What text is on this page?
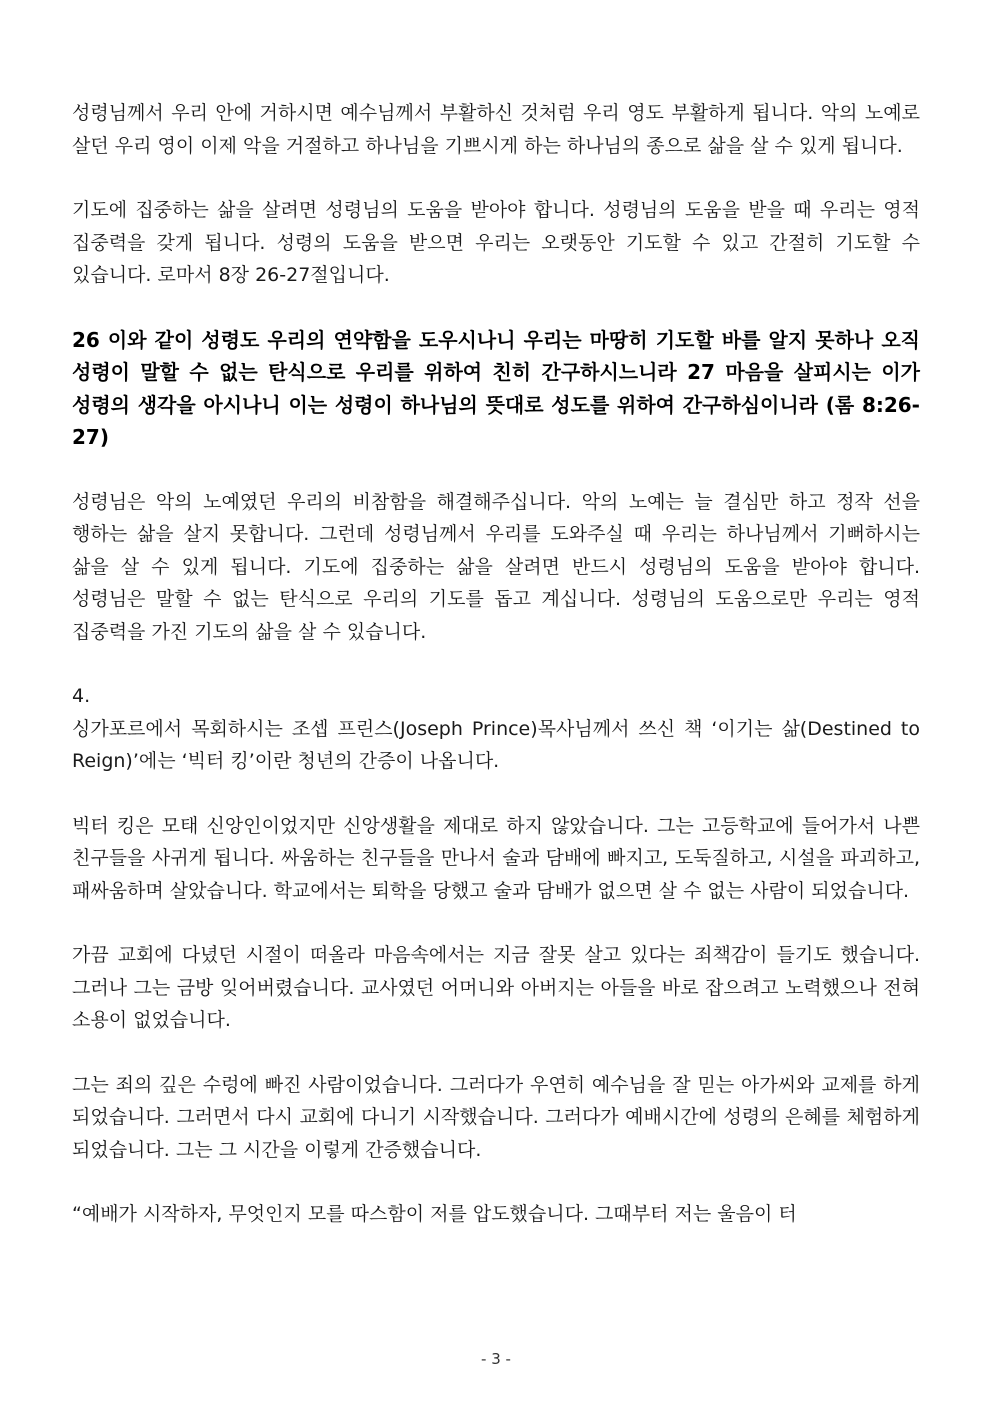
성령님께서 우리 안에 거하시면 예수님께서 부활하신 것처럼 우리 영도 부활하게 됩니다. 악의 노예로 살던 우리 영이 이제 악을 거절하고 하나님을 기쁘시게 하는 하나님의 종으로 삶을 살 수 있게 됩니다.

기도에 집중하는 삶을 살려면 성령님의 도움을 받아야 합니다. 성령님의 도움을 받을 때 우리는 영적 집중력을 갖게 됩니다. 성령의 도움을 받으면 우리는 오랫동안 기도할 수 있고 간절히 기도할 수 있습니다. 로마서 8장 26-27절입니다.

26 이와 같이 성령도 우리의 연약함을 도우시나니 우리는 마땅히 기도할 바를 알지 못하나 오직 성령이 말할 수 없는 탄식으로 우리를 위하여 친히 간구하시느니라 27 마음을 살피시는 이가 성령의 생각을 아시나니 이는 성령이 하나님의 뜻대로 성도를 위하여 간구하심이니라 (롬 8:26-27)

성령님은 악의 노예였던 우리의 비참함을 해결해주십니다. 악의 노예는 늘 결심만 하고 정작 선을 행하는 삶을 살지 못합니다. 그런데 성령님께서 우리를 도와주실 때 우리는 하나님께서 기뻐하시는 삶을 살 수 있게 됩니다. 기도에 집중하는 삶을 살려면 반드시 성령님의 도움을 받아야 합니다. 성령님은 말할 수 없는 탄식으로 우리의 기도를 돕고 계십니다. 성령님의 도움으로만 우리는 영적 집중력을 가진 기도의 삶을 살 수 있습니다.

4.

싱가포르에서 목회하시는 조셉 프린스(Joseph Prince)목사님께서 쓰신 책 ‘이기는 삶(Destined to Reign)’에는 ‘빅터 킹’이란 청년의 간증이 나옵니다.

빅터 킹은 모태 신앙인이었지만 신앙생활을 제대로 하지 않았습니다. 그는 고등학교에 들어가서 나쁜 친구들을 사귀게 됩니다. 싸움하는 친구들을 만나서 술과 담배에 빠지고, 도둑질하고, 시설을 파괴하고, 패싸움하며 살았습니다. 학교에서는 퇴학을 당했고 술과 담배가 없으면 살 수 없는 사람이 되었습니다.

가끔 교회에 다녔던 시절이 떠올라 마음속에서는 지금 잘못 살고 있다는 죄책감이 들기도 했습니다. 그러나 그는 금방 잊어버렸습니다. 교사였던 어머니와 아버지는 아들을 바로 잡으려고 노력했으나 전혀 소용이 없었습니다.

그는 죄의 깊은 수렁에 빠진 사람이었습니다. 그러다가 우연히 예수님을 잘 믿는 아가씨와 교제를 하게 되었습니다. 그러면서 다시 교회에 다니기 시작했습니다. 그러다가 예배시간에 성령의 은혜를 체험하게 되었습니다. 그는 그 시간을 이렇게 간증했습니다.

“예배가 시작하자, 무엇인지 모를 따스함이 저를 압도했습니다. 그때부터 저는 울음이 터

- 3 -
